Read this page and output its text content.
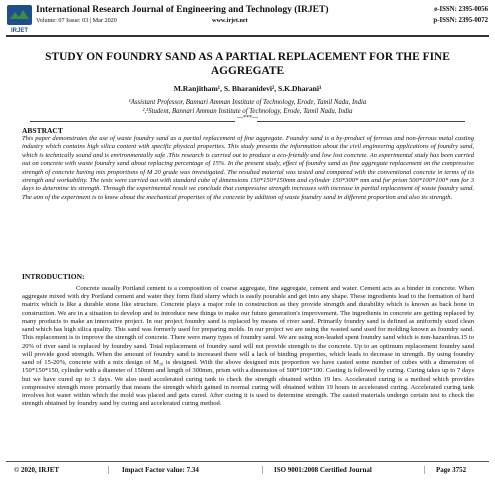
IRJET
International Research Journal of Engineering and Technology (IRJET)
Volume: 07 Issue: 03 | Mar 2020	www.irjet.net
e-ISSN: 2395-0056
p-ISSN: 2395-0072
STUDY ON FOUNDRY SAND AS A PARTIAL REPLACEMENT FOR THE FINE
AGGREGATE
M.Ranjitham¹, S. Bharanidevi², S.K.Dharani³
¹Assistant Professor, Bannari Amman Institute of Technology, Erode, Tamil Nadu, India
²,³Student, Bannari Amman Institute of Technology, Erode, Tamil Nadu, India
---***---
ABSTRACT
This paper demonstrates the use of waste foundry sand as a partial replacement of fine aggregate. Foundry sand is a by-product of ferrous and non-ferrous metal casting industry which contains high silica content with specific physical properties. This study presents the information about the civil engineering applications of foundry sand, which is technically sound and is environmentally safe .This research is carried out to produce a eco-friendly and low lost concrete. An experimental study has been carried out on concrete with waste foundry sand about replacing percentage of 15%. In the present study, effect of foundry sand as fine aggregate replacement on the compressive strength of concrete having mix proportions of M 20 grade was investigated. The resulted material was tested and compared with the conventional concrete in terms of its strength and workability. The tests were carried out with standard cube of dimensions 150*150*150mm and cylinder 150*300* mm and for prism 500*100*100* mm for 3 days to determine its strength. Through the experimental result we conclude that compressive strength increases with increase in partial replacement of waste foundry sand. The aim of the experiment is to know about the mechanical properties of the concrete by addition of waste foundry sand in different proportion and also its strength.
INTRODUCTION:
Concrete usually Portland cement is a composition of coarse aggregate, fine aggregate, cement and water. Cement acts as a binder in concrete. When aggregate mixed with dry Portland cement and water they form fluid slurry which is easily pourable and get into any shape. These ingredients lead to the formation of hard matrix which is like a durable stone like structure. Concrete plays a major role in construction as they provide strength and durability which is known as back bone in construction. We are in a situation to develop and to introduce new things to make our future generation's improvement. The ingredients in concrete are getting replaced by many products to make an innovative project. In our project foundry sand is replaced by means of river sand. Primarily foundry sand is defined as uniformly sized clean sand which has high silica quality. This sand was formerly used for preparing molds. In our project we are using the wasted sand used for molding known as foundry sand. This replacement is to improve the strength of concrete. There were many types of foundry sand. We are using non-leaded spent foundry sand which is non-hazardous.15 to 20% of river sand is replaced by foundry sand. Total replacement of foundry sand will not provide strength to the concrete. Up to an optimum replacement foundry sand will provide good strength. When the amount of foundry sand is increased there will a lack of binding properties, which leads to decrease in strength. By using foundry sand of 15-20%, concrete with a mix design of M₂₀ is designed. With the above designed mix proportion we have casted some number of cubes with a dimension of 150*150*150, cylinder with a diameter of 150mm and length of 300mm, prism with a dimension of 500*100*100. Casting is followed by curing. Curing takes up to 7 days but we have cured up to 3 days. We also used accelerated curing tank to check the strength obtained within 19 hrs. Accelerated curing is a method which provides compressive strength more primarily that means the strength which gained in normal curing will obtained within 19 hours in accelerated curing. Accelerated curing tank involves hot water within which the mold was placed and gets cured. After curing it is used to determine strength. The casted materials undergo certain test to check the strength obtained by foundry sand by curing and accelerated curing method.
© 2020, IRJET	| Impact Factor value: 7.34	| ISO 9001:2008 Certified Journal	| Page 3752
